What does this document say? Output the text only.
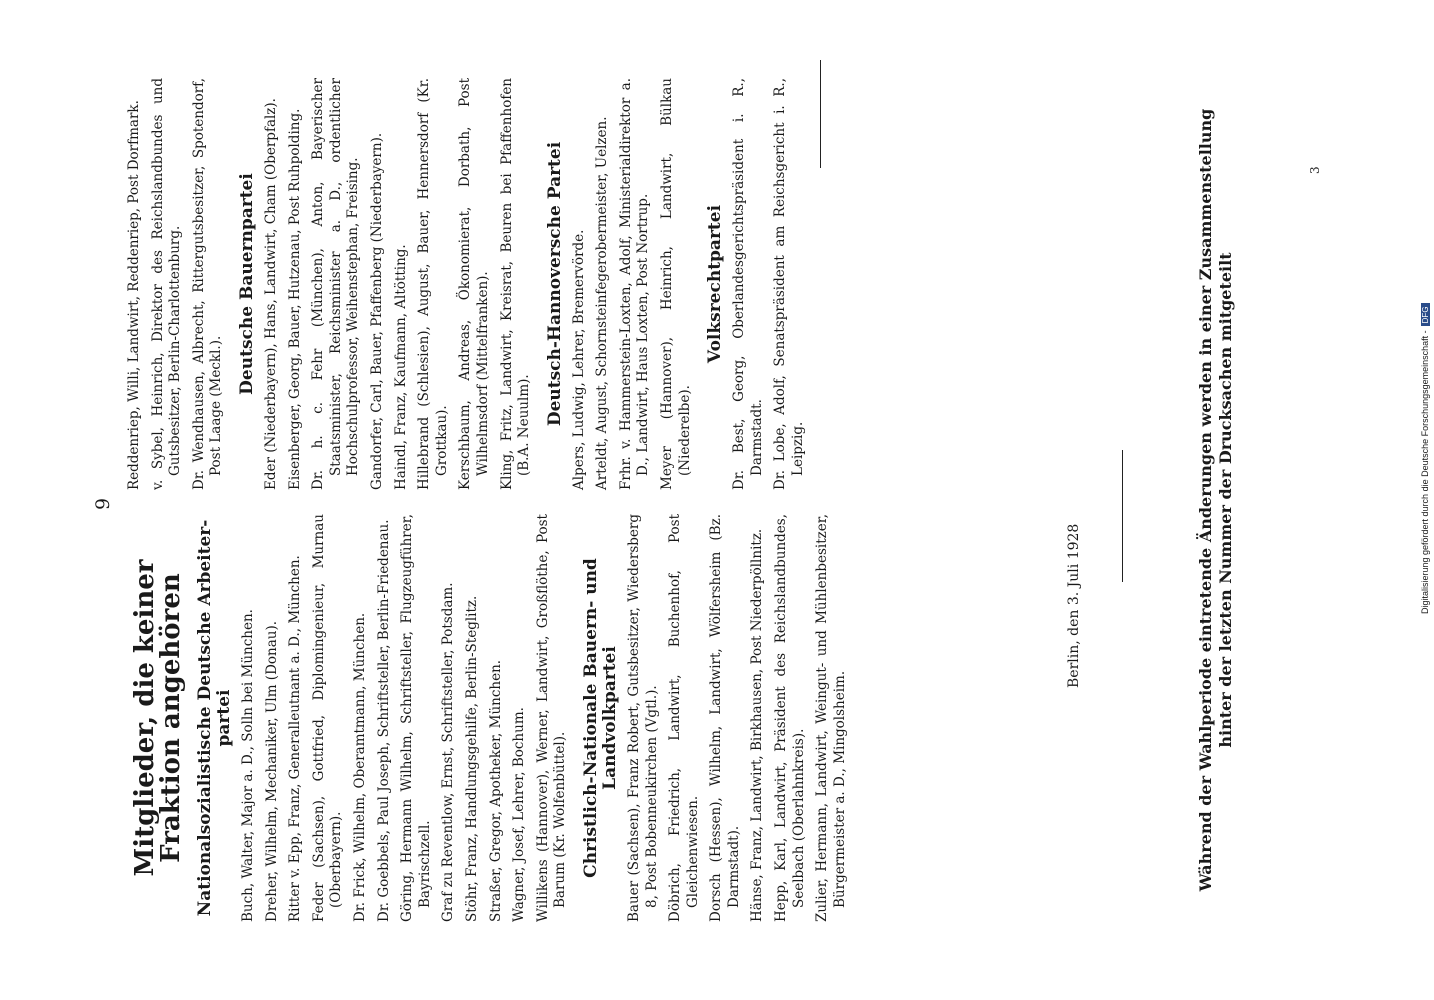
9
Mitglieder, die keiner Fraktion angehören Nationalsozialistische Deutsche Arbeiter-partei Buch, Walter, Major a. D., Solln bei München. Dreher, Wilhelm, Mechaniker, Ulm (Donau). Ritter v. Epp, Franz, Generalleutnant a. D., München. Feder (Sachsen), Gottfried, Diplomingenieur, Murnau (Oberbayern). Dr. Frick, Wilhelm, Oberamtmann, München. Dr. Goebbels, Paul Joseph, Schriftsteller, Berlin-Friedenau. Göring, Hermann Wilhelm, Schriftsteller, Flugzeugführer, Bayrischzell. Graf zu Reventlow, Ernst, Schriftsteller, Potsdam. Stöhr, Franz, Handlungsgehilfe, Berlin-Steglitz. Straßer, Gregor, Apotheker, München. Wagner, Josef, Lehrer, Bochum. Willikens (Hannover), Werner, Landwirt, Großflöthe, Post Barum (Kr. Wolfenbüttel). Christlich-Nationale Bauern- und Landvolkpartei Bauer (Sachsen), Franz Robert, Gutsbesitzer, Wiedersberg 8, Post Bobenneukirchen (Vgtl.). Döbrich, Friedrich, Landwirt, Buchenhof, Post Gleichenwiesen. Dorsch (Hessen), Wilhelm, Landwirt, Wölfersheim (Bz. Darmstadt). Hänse, Franz, Landwirt, Birkhausen, Post Niederpöllnitz. Hepp, Karl, Landwirt, Präsident des Reichslandbundes, Seelbach (Oberlahnkreis). Zulier, Hermann, Landwirt, Weingut- und Mühlenbesitzer, Bürgermeister a. D., Mingolsheim.
Reddenriep, Willi, Landwirt, Reddenriep, Post Dorfmark. v. Sybel, Heinrich, Direktor des Reichslandbundes und Gutsbesitzer, Berlin-Charlottenburg. Dr. Wendhausen, Albrecht, Rittergutsbesitzer, Spotendorf, Post Laage (Meckl.).
Deutsche Bauernpartei Eder (Niederbayern), Hans, Landwirt, Cham (Oberpfalz). Eisenberger, Georg, Bauer, Hutzenau, Post Ruhpolding. Dr. h. c. Fehr (München), Anton, Bayerischer Staatsminister, Reichsminister a. D., ordentlicher Hochschulprofessor, Weihenstephan, Freising. Gandorfer, Carl, Bauer, Pfaffenberg (Niederbayern). Haindl, Franz, Kaufmann, Altötting. Hillebrand (Schlesien), August, Bauer, Hennersdorf (Kr. Grottkau). Kerschbaum, Andreas, Ökonomierat, Dorbath, Post Wilhelmsdorf (Mittelfranken). Kling, Fritz, Landwirt, Kreisrat, Beuren bei Pfaffenhofen (B.A. Neuulm). Deutsch-Hannoversche Partei Alpers, Ludwig, Lehrer, Bremervörde. Arteldt, August, Schornsteinfegerobermeister, Uelzen. Frhr. v. Hammerstein-Loxten, Adolf, Ministerialdirektor a. D., Landwirt, Haus Loxten, Post Nortrup. Meyer (Hannover), Heinrich, Landwirt, Bülkau (Niederelbe).
Volksrechtpartei Dr. Best, Georg, Oberlandesgerichtspräsident i. R., Darmstadt. Dr. Lobe, Adolf, Senatspräsident am Reichsgericht i. R., Leipzig.
Berlin, den 3. Juli 1928	Während der Wahlperiode eintretende Änderungen werden in einer Zusammenstellung hinter der letzten Nummer der Drucksachen mitgeteilt
3
Digitalisierung gefördert durch die Deutsche Forschungsgemeinschaft -DFG
